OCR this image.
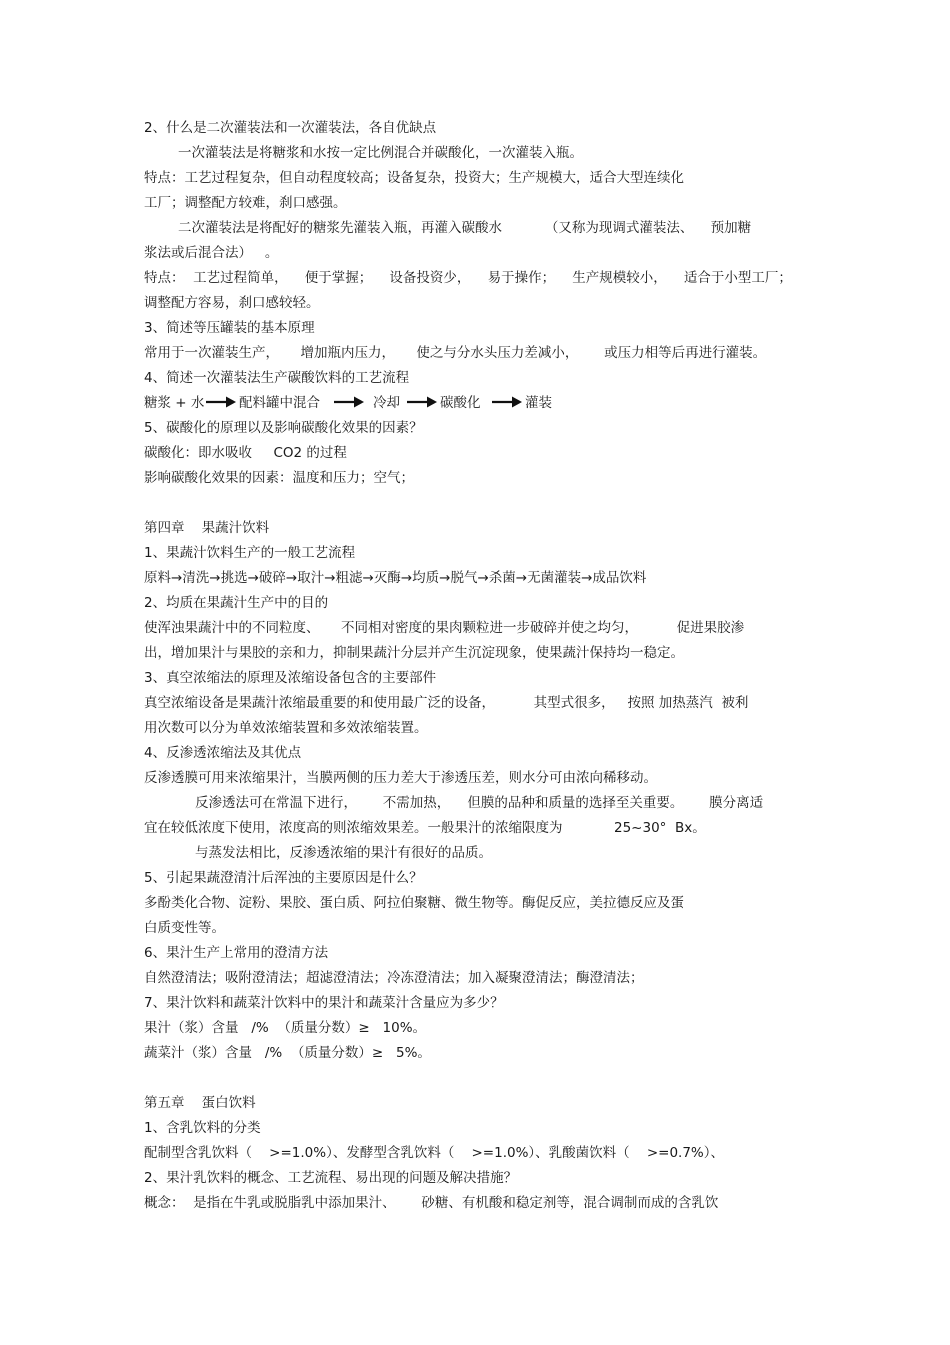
2、什么是二次灌装法和一次灌装法，各自优缺点
一次灌装法是将糖浆和水按一定比例混合并碳酸化，一次灌装入瓶。
特点：工艺过程复杂，但自动程度较高；设备复杂，投资大；生产规模大，适合大型连续化
工厂；调整配方较难，刹口感强。
二次灌装法是将配好的糖浆先灌装入瓶，再灌入碳酸水          （又称为现调式灌装法、    预加糖
浆法或后混合法）   。
特点：  工艺过程简单，    便于掌握；    设备投资少，    易于操作；    生产规模较小，    适合于小型工厂；
调整配方容易，刹口感较轻。
3、简述等压罐装的基本原理
常用于一次灌装生产，     增加瓶内压力，     使之与分水头压力差减小，      或压力相等后再进行灌装。
4、简述一次灌装法生产碳酸饮料的工艺流程
糖浆 + 水	配料罐中混合	冷却	碳酸化	灌装
5、碳酸化的原理以及影响碳酸化效果的因素？
碳酸化：即水吸收     CO2 的过程
影响碳酸化效果的因素：温度和压力；空气；
第四章    果蔬汁饮料
1、果蔬汁饮料生产的一般工艺流程
原料→清洗→挑选→破碎→取汁→粗滤→灭酶→均质→脱气→杀菌→无菌灌装→成品饮料
2、均质在果蔬汁生产中的目的
使浑浊果蔬汁中的不同粒度、     不同相对密度的果肉颗粒进一步破碎并使之均匀，         促进果胶渗
出，增加果汁与果胶的亲和力，抑制果蔬汁分层并产生沉淀现象，使果蔬汁保持均一稳定。
3、真空浓缩法的原理及浓缩设备包含的主要部件
真空浓缩设备是果蔬汁浓缩最重要的和使用最广泛的设备，         其型式很多，   按照 加热蒸汽  被利
用次数可以分为单效浓缩装置和多效浓缩装置。
4、反渗透浓缩法及其优点
反渗透膜可用来浓缩果汁，当膜两侧的压力差大于渗透压差，则水分可由浓向稀移动。
反渗透法可在常温下进行，      不需加热，    但膜的品种和质量的选择至关重要。      膜分离适
宜在较低浓度下使用，浓度高的则浓缩效果差。一般果汁的浓缩限度为            25~30°  Bx。
与蒸发法相比，反渗透浓缩的果汁有很好的品质。
5、引起果蔬澄清汁后浑浊的主要原因是什么？
多酚类化合物、淀粉、果胶、蛋白质、阿拉伯聚糖、微生物等。酶促反应，美拉德反应及蛋
白质变性等。
6、果汁生产上常用的澄清方法
自然澄清法；吸附澄清法；超滤澄清法；冷冻澄清法；加入凝聚澄清法；酶澄清法；
7、果汁饮料和蔬菜汁饮料中的果汁和蔬菜汁含量应为多少？
果汁（浆）含量   /%  （质量分数）≥   10%。
蔬菜汁（浆）含量   /%  （质量分数）≥   5%。
第五章    蛋白饮料
1、含乳饮料的分类
配制型含乳饮料（    >=1.0%）、发酵型含乳饮料（    >=1.0%）、乳酸菌饮料（    >=0.7%）、
2、果汁乳饮料的概念、工艺流程、易出现的问题及解决措施？
概念：  是指在牛乳或脱脂乳中添加果汁、      砂糖、有机酸和稳定剂等，混合调制而成的含乳饮
